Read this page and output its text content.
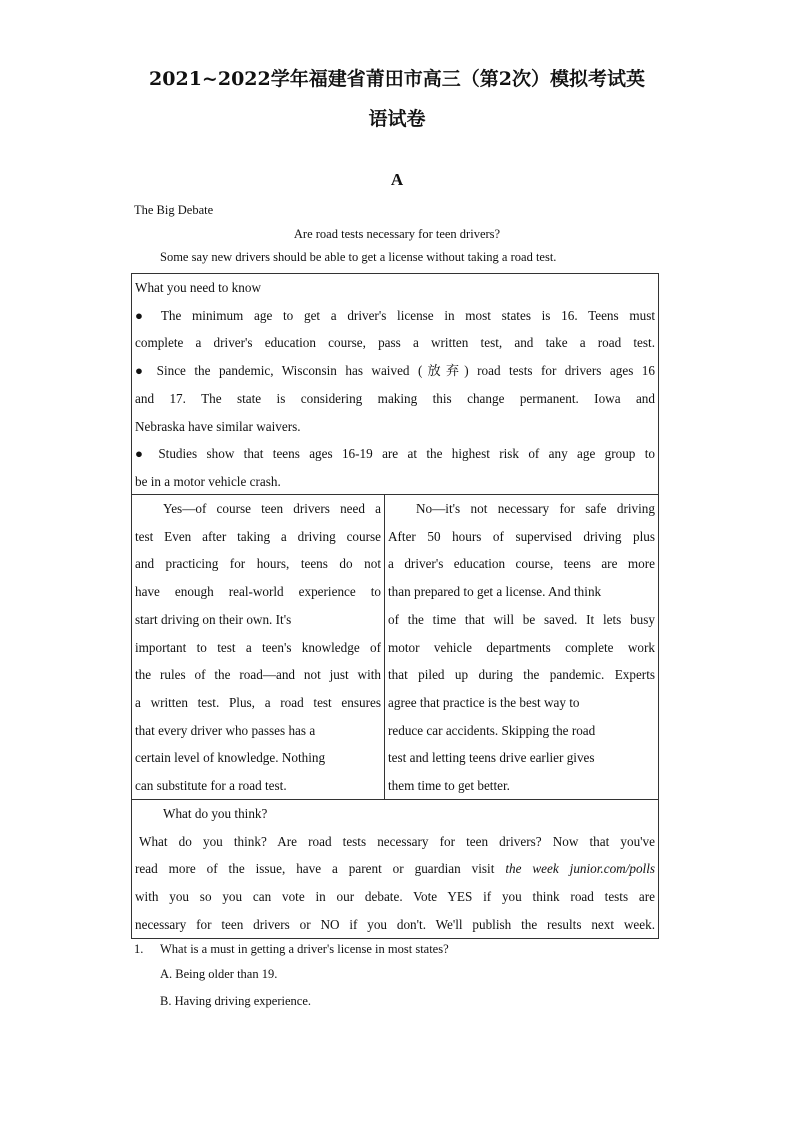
2021~2022学年福建省莆田市高三（第2次）模拟考试英
语试卷
A
The Big Debate
Are road tests necessary for teen drivers?
Some say new drivers should be able to get a license without taking a road test.

What you need to know

● The minimum age to get a driver's license in most states is 16. Teens must

complete a driver's education course, pass a written test, and take a road test.

● Since the pandemic, Wisconsin has waived (放弃) road tests for drivers ages 16

and 17. The state is considering making this change permanent. Iowa and

Nebraska have similar waivers.

● Studies show that teens ages 16-19 are at the highest risk of any age group to

be in a motor vehicle crash.

Yes—of course teen drivers need a

test Even after taking a driving course

and practicing for hours, teens do not

have enough real-world experience to

start driving on their own. It's

important to test a teen's knowledge of

the rules of the road—and not just with

a written test. Plus, a road test ensures

that every driver who passes has a

certain level of knowledge. Nothing

can substitute for a road test.

No—it's not necessary for safe driving

After 50 hours of supervised driving plus

a driver's education course, teens are more

than prepared to get a license. And think

of the time that will be saved. It lets busy

motor vehicle departments complete work

that piled up during the pandemic. Experts

agree that practice is the best way to

reduce car accidents. Skipping the road

test and letting teens drive earlier gives

them time to get better.

What do you think?

What do you think? Are road tests necessary for teen drivers? Now that you've

read more of the issue, have a parent or guardian visit the week junior.com/polls

with you so you can vote in our debate. Vote YES if you think road tests are

necessary for teen drivers or NO if you don't. We'll publish the results next week.

1. What is a must in getting a driver's license in most states?
A. Being older than 19.
B. Having driving experience.
